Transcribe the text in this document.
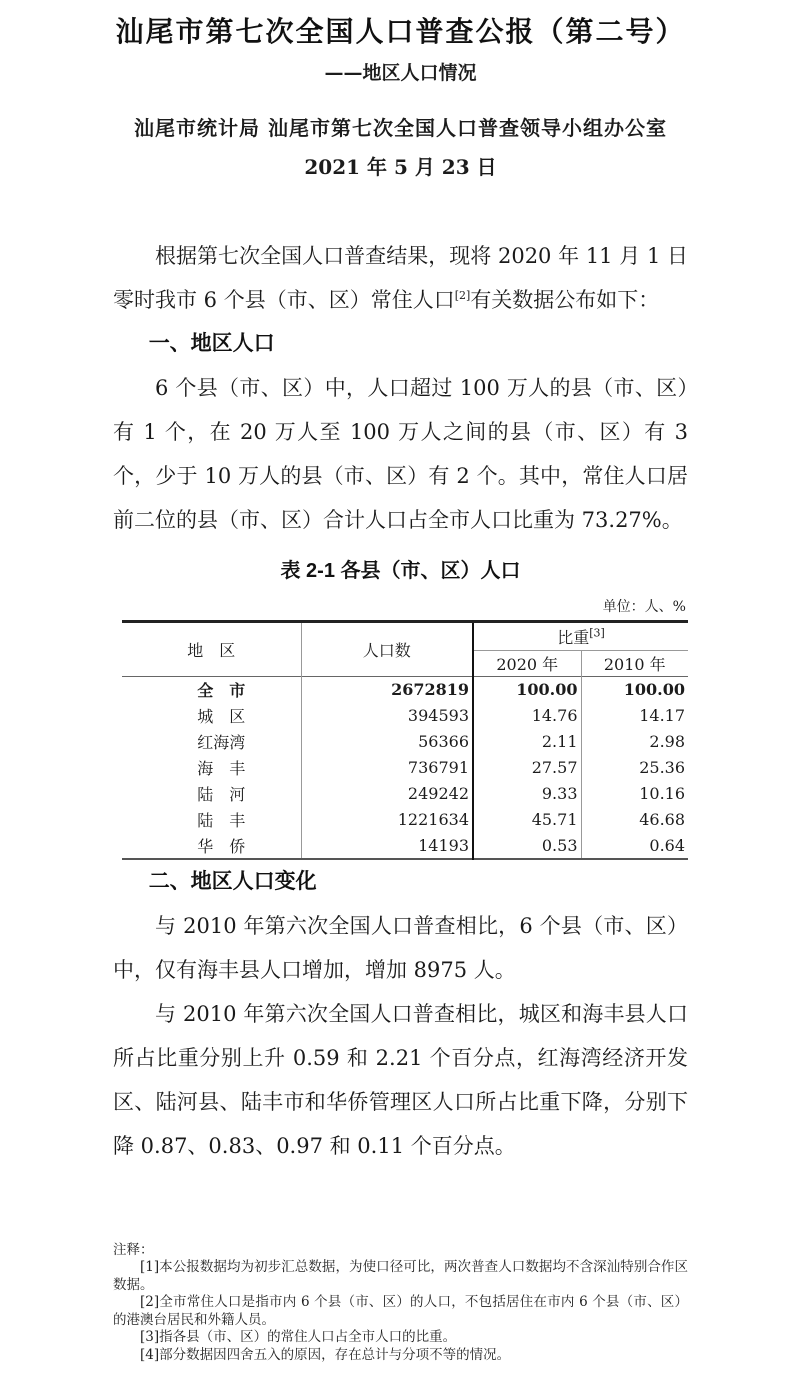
汕尾市第七次全国人口普查公报（第二号）
——地区人口情况
汕尾市统计局 汕尾市第七次全国人口普查领导小组办公室
2021 年 5 月 23 日

根据第七次全国人口普查结果，现将 2020 年 11 月 1 日零时我市 6 个县（市、区）常住人口[2]有关数据公布如下：

一、地区人口

6 个县（市、区）中，人口超过 100 万人的县（市、区）有 1 个，在 20 万人至 100 万人之间的县（市、区）有 3 个，少于 10 万人的县（市、区）有 2 个。其中，常住人口居前二位的县（市、区）合计人口占全市人口比重为 73.27%。

表 2-1 各县（市、区）人口
单位：人、%
地　区	人口数	比重[3]
		2020 年	2010 年
全　市	2672819	100.00	100.00
城　区	394593	14.76	14.17
红海湾	56366	2.11	2.98
海　丰	736791	27.57	25.36
陆　河	249242	9.33	10.16
陆　丰	1221634	45.71	46.68
华　侨	14193	0.53	0.64
二、地区人口变化

与 2010 年第六次全国人口普查相比，6 个县（市、区）中，仅有海丰县人口增加，增加 8975 人。

与 2010 年第六次全国人口普查相比，城区和海丰县人口所占比重分别上升 0.59 和 2.21 个百分点，红海湾经济开发区、陆河县、陆丰市和华侨管理区人口所占比重下降，分别下降 0.87、0.83、0.97 和 0.11 个百分点。

注释：

[1]本公报数据均为初步汇总数据，为使口径可比，两次普查人口数据均不含深汕特别合作区数据。

[2]全市常住人口是指市内 6 个县（市、区）的人口，不包括居住在市内 6 个县（市、区）的港澳台居民和外籍人员。

[3]指各县（市、区）的常住人口占全市人口的比重。

[4]部分数据因四舍五入的原因，存在总计与分项不等的情况。
